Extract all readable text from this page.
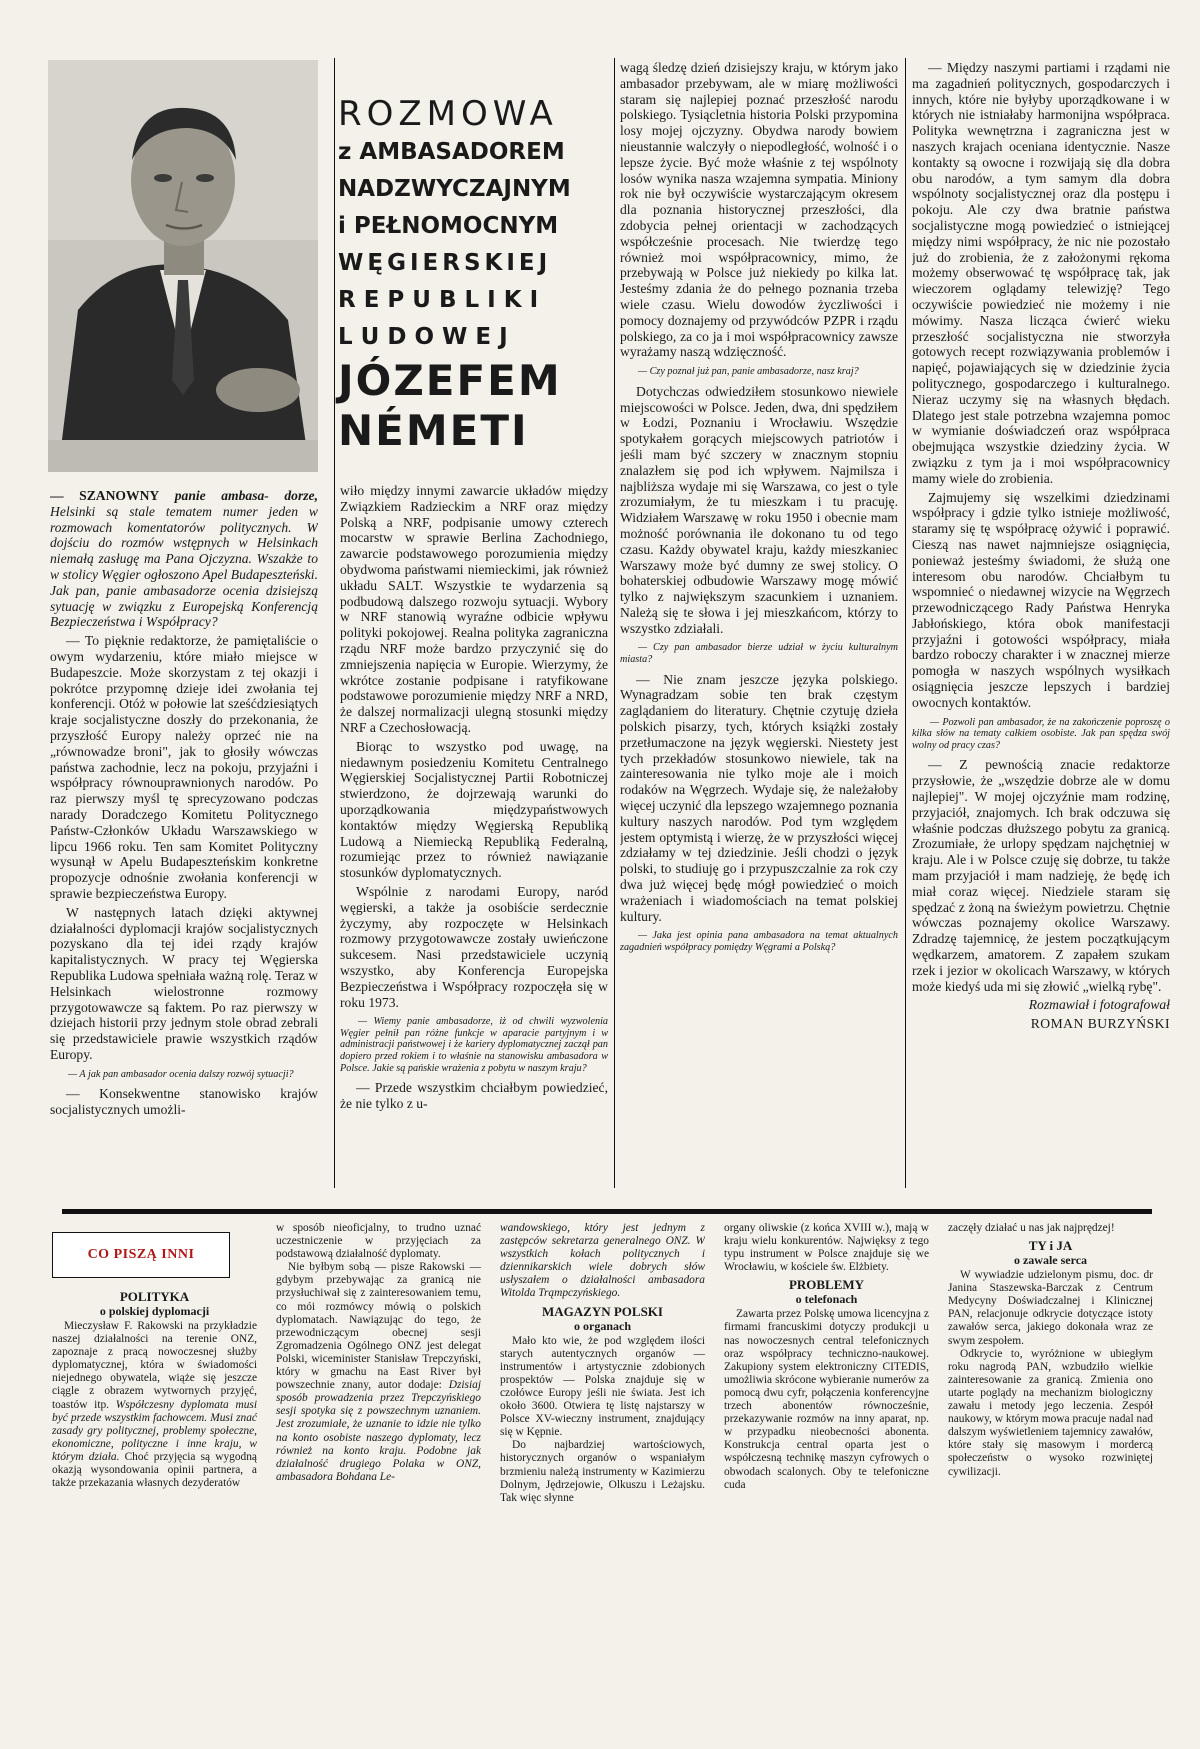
ROZMOWA
z AMBASADOREM
NADZWYCZAJNYM
i PEŁNOMOCNYM
WĘGIERSKIEJ
R E P U B L I K I
L U D O W E J
JÓZEFEM
NÉMETI

— SZANOWNY panie ambasa- dorze, Helsinki są stale tematem numer jeden w rozmowach komentatorów politycznych. W dojściu do rozmów wstępnych w Helsinkach niemałą zasługę ma Pana Ojczyzna. Wszakże to w stolicy Węgier ogłoszono Apel Budapeszteński. Jak pan, panie ambasadorze ocenia dzisiejszą sytuację w związku z Europejską Konferencją Bezpieczeństwa i Współpracy?

— To pięknie redaktorze, że pamiętaliście o owym wydarzeniu, które miało miejsce w Budapeszcie. Może skorzystam z tej okazji i pokrótce przypomnę dzieje idei zwołania tej konferencji. Otóż w połowie lat sześćdziesiątych kraje socjalistyczne doszły do przekonania, że przyszłość Europy należy oprzeć nie na „równowadze broni", jak to głosiły wówczas państwa zachodnie, lecz na pokoju, przyjaźni i współpracy równouprawnionych narodów. Po raz pierwszy myśl tę sprecyzowano podczas narady Doradczego Komitetu Politycznego Państw-Członków Układu Warszawskiego w lipcu 1966 roku. Ten sam Komitet Polityczny wysunął w Apelu Budapeszteńskim konkretne propozycje odnośnie zwołania konferencji w sprawie bezpieczeństwa Europy.

W następnych latach dzięki aktywnej działalności dyplomacji krajów socjalistycznych pozyskano dla tej idei rządy krajów kapitalistycznych. W pracy tej Węgierska Republika Ludowa spełniała ważną rolę. Teraz w Helsinkach wielostronne rozmowy przygotowawcze są faktem. Po raz pierwszy w dziejach historii przy jednym stole obrad zebrali się przedstawiciele prawie wszystkich rządów Europy.

— A jak pan ambasador ocenia dalszy rozwój sytuacji?

— Konsekwentne stanowisko krajów socjalistycznych umożli-

wiło między innymi zawarcie układów między Związkiem Radzieckim a NRF oraz między Polską a NRF, podpisanie umowy czterech mocarstw w sprawie Berlina Zachodniego, zawarcie podstawowego porozumienia między obydwoma państwami niemieckimi, jak również układu SALT. Wszystkie te wydarzenia są podbudową dalszego rozwoju sytuacji. Wybory w NRF stanowią wyraźne odbicie wpływu polityki pokojowej. Realna polityka zagraniczna rządu NRF może bardzo przyczynić się do zmniejszenia napięcia w Europie. Wierzymy, że wkrótce zostanie podpisane i ratyfikowane podstawowe porozumienie między NRF a NRD, że dalszej normalizacji ulegną stosunki między NRF a Czechosłowacją.

Biorąc to wszystko pod uwagę, na niedawnym posiedzeniu Komitetu Centralnego Węgierskiej Socjalistycznej Partii Robotniczej stwierdzono, że dojrzewają warunki do uporządkowania międzypaństwowych kontaktów między Węgierską Republiką Ludową a Niemiecką Republiką Federalną, rozumiejąc przez to również nawiązanie stosunków dyplomatycznych.

Wspólnie z narodami Europy, naród węgierski, a także ja osobiście serdecznie życzymy, aby rozpoczęte w Helsinkach rozmowy przygotowawcze zostały uwieńczone sukcesem. Nasi przedstawiciele uczynią wszystko, aby Konferencja Europejska Bezpieczeństwa i Współpracy rozpoczęła się w roku 1973.

— Wiemy panie ambasadorze, iż od chwili wyzwolenia Węgier pełnił pan różne funkcje w aparacie partyjnym i w administracji państwowej i że kariery dyplomatycznej zaczął pan dopiero przed rokiem i to właśnie na stanowisku ambasadora w Polsce. Jakie są pańskie wrażenia z pobytu w naszym kraju?

— Przede wszystkim chciałbym powiedzieć, że nie tylko z u-

wagą śledzę dzień dzisiejszy kraju, w którym jako ambasador przebywam, ale w miarę możliwości staram się najlepiej poznać przeszłość narodu polskiego. Tysiącletnia historia Polski przypomina losy mojej ojczyzny. Obydwa narody bowiem nieustannie walczyły o niepodległość, wolność i o lepsze życie. Być może właśnie z tej wspólnoty losów wynika nasza wzajemna sympatia. Miniony rok nie był oczywiście wystarczającym okresem dla poznania historycznej przeszłości, dla zdobycia pełnej orientacji w zachodzących współcześnie procesach. Nie twierdzę tego również moi współpracownicy, mimo, że przebywają w Polsce już niekiedy po kilka lat. Jesteśmy zdania że do pełnego poznania trzeba wiele czasu. Wielu dowodów życzliwości i pomocy doznajemy od przywódców PZPR i rządu polskiego, za co ja i moi współpracownicy zawsze wyrażamy naszą wdzięczność.

— Czy poznał już pan, panie ambasadorze, nasz kraj?

Dotychczas odwiedziłem stosunkowo niewiele miejscowości w Polsce. Jeden, dwa, dni spędziłem w Łodzi, Poznaniu i Wrocławiu. Wszędzie spotykałem gorących miejscowych patriotów i jeśli mam być szczery w znacznym stopniu znalazłem się pod ich wpływem. Najmilsza i najbliższa wydaje mi się Warszawa, co jest o tyle zrozumiałym, że tu mieszkam i tu pracuję. Widziałem Warszawę w roku 1950 i obecnie mam możność porównania ile dokonano tu od tego czasu. Każdy obywatel kraju, każdy mieszkaniec Warszawy może być dumny ze swej stolicy. O bohaterskiej odbudowie Warszawy mogę mówić tylko z największym szacunkiem i uznaniem. Należą się te słowa i jej mieszkańcom, którzy to wszystko zdziałali.

— Czy pan ambasador bierze udział w życiu kulturalnym miasta?

— Nie znam jeszcze języka polskiego. Wynagradzam sobie ten brak częstym zaglądaniem do literatury. Chętnie czytuję dzieła polskich pisarzy, tych, których książki zostały przetłumaczone na język węgierski. Niestety jest tych przekładów stosunkowo niewiele, tak na zainteresowania nie tylko moje ale i moich rodaków na Węgrzech. Wydaje się, że należałoby więcej uczynić dla lepszego wzajemnego poznania kultury naszych narodów. Pod tym względem jestem optymistą i wierzę, że w przyszłości więcej zdziałamy w tej dziedzinie. Jeśli chodzi o język polski, to studiuję go i przypuszczalnie za rok czy dwa już więcej będę mógł powiedzieć o moich wrażeniach i wiadomościach na temat polskiej kultury.

— Jaka jest opinia pana ambasadora na temat aktualnych zagadnień współpracy pomiędzy Węgrami a Polską?

— Między naszymi partiami i rządami nie ma zagadnień politycznych, gospodarczych i innych, które nie byłyby uporządkowane i w których nie istniałaby harmonijna współpraca. Polityka wewnętrzna i zagraniczna jest w naszych krajach oceniana identycznie. Nasze kontakty są owocne i rozwijają się dla dobra obu narodów, a tym samym dla dobra wspólnoty socjalistycznej oraz dla postępu i pokoju. Ale czy dwa bratnie państwa socjalistyczne mogą powiedzieć o istniejącej między nimi współpracy, że nic nie pozostało już do zrobienia, że z założonymi rękoma możemy obserwować tę współpracę tak, jak wieczorem oglądamy telewizję? Tego oczywiście powiedzieć nie możemy i nie mówimy. Nasza licząca ćwierć wieku przeszłość socjalistyczna nie stworzyła gotowych recept rozwiązywania problemów i napięć, pojawiających się w dziedzinie życia politycznego, gospodarczego i kulturalnego. Nieraz uczymy się na własnych błędach. Dlatego jest stale potrzebna wzajemna pomoc w wymianie doświadczeń oraz współpraca obejmująca wszystkie dziedziny życia. W związku z tym ja i moi współpracownicy mamy wiele do zrobienia.

Zajmujemy się wszelkimi dziedzinami współpracy i gdzie tylko istnieje możliwość, staramy się tę współpracę ożywić i poprawić. Cieszą nas nawet najmniejsze osiągnięcia, ponieważ jesteśmy świadomi, że służą one interesom obu narodów. Chciałbym tu wspomnieć o niedawnej wizycie na Węgrzech przewodniczącego Rady Państwa Henryka Jabłońskiego, która obok manifestacji przyjaźni i gotowości współpracy, miała bardzo roboczy charakter i w znacznej mierze pomogła w naszych wspólnych wysiłkach osiągnięcia jeszcze lepszych i bardziej owocnych kontaktów.

— Pozwoli pan ambasador, że na zakończenie poproszę o kilka słów na tematy całkiem osobiste. Jak pan spędza swój wolny od pracy czas?

— Z pewnością znacie redaktorze przysłowie, że „wszędzie dobrze ale w domu najlepiej". W mojej ojczyźnie mam rodzinę, przyjaciół, znajomych. Ich brak odczuwa się właśnie podczas dłuższego pobytu za granicą. Zrozumiałe, że urlopy spędzam najchętniej w kraju. Ale i w Polsce czuję się dobrze, tu także mam przyjaciół i mam nadzieję, że będę ich miał coraz więcej. Niedziele staram się spędzać z żoną na świeżym powietrzu. Chętnie wówczas poznajemy okolice Warszawy. Zdradzę tajemnicę, że jestem początkującym wędkarzem, amatorem. Z zapałem szukam rzek i jezior w okolicach Warszawy, w których może kiedyś uda mi się złowić „wielką rybę".

Rozmawiał i fotografował

ROMAN BURZYŃSKI

CO PISZĄ INNI

POLITYKA

o polskiej dyplomacji

Mieczysław F. Rakowski na przykładzie naszej działalności na terenie ONZ, zapoznaje z pracą nowoczesnej służby dyplomatycznej, która w świadomości niejednego obywatela, wiąże się jeszcze ciągle z obrazem wytwornych przyjęć, toastów itp. Współczesny dyplomata musi być przede wszystkim fachowcem. Musi znać zasady gry politycznej, problemy społeczne, ekonomiczne, polityczne i inne kraju, w którym działa. Choć przyjęcia są wygodną okazją wysondowania opinii partnera, a także przekazania własnych dezyderatów

w sposób nieoficjalny, to trudno uznać uczestniczenie w przyjęciach za podstawową działalność dyplomaty.

Nie byłbym sobą — pisze Rakowski — gdybym przebywając za granicą nie przysłuchiwał się z zainteresowaniem temu, co mói rozmówcy mówią o polskich dyplomatach. Nawiązując do tego, że przewodniczącym obecnej sesji Zgromadzenia Ogólnego ONZ jest delegat Polski, wiceminister Stanisław Trepczyński, który w gmachu na East River był powszechnie znany, autor dodaje: Dzisiaj sposób prowadzenia przez Trepczyńskiego sesji spotyka się z powszechnym uznaniem. Jest zrozumiałe, że uznanie to idzie nie tylko na konto osobiste naszego dyplomaty, lecz również na konto kraju. Podobne jak działalność drugiego Polaka w ONZ, ambasadora Bohdana Le-

wandowskiego, który jest jednym z zastępców sekretarza generalnego ONZ. W wszystkich kołach politycznych i dziennikarskich wiele dobrych słów usłyszałem o działalności ambasadora Witolda Trąmpczyńskiego.

MAGAZYN POLSKI

o organach

Mało kto wie, że pod względem ilości starych autentycznych organów — instrumentów i artystycznie zdobionych prospektów — Polska znajduje się w czołówce Europy jeśli nie świata. Jest ich około 3600. Otwiera tę listę najstarszy w Polsce XV-wieczny instrument, znajdujący się w Kępnie.

Do najbardziej wartościowych, historycznych organów o wspaniałym brzmieniu należą instrumenty w Kazimierzu Dolnym, Jędrzejowie, Olkuszu i Leżajsku. Tak więc słynne

organy oliwskie (z końca XVIII w.), mają w kraju wielu konkurentów. Najwięksy z tego typu instrument w Polsce znajduje się we Wrocławiu, w kościele św. Elżbiety.

PROBLEMY

o telefonach

Zawarta przez Polskę umowa licencyjna z firmami francuskimi dotyczy produkcji u nas nowoczesnych central telefonicznych oraz współpracy techniczno-naukowej. Zakupiony system elektroniczny CITEDIS, umożliwia skrócone wybieranie numerów za pomocą dwu cyfr, połączenia konferencyjne trzech abonentów równocześnie, przekazywanie rozmów na inny aparat, np. w przypadku nieobecności abonenta. Konstrukcja central oparta jest o współczesną technikę maszyn cyfrowych o obwodach scalonych. Oby te telefoniczne cuda

zaczęły działać u nas jak najprędzej!

TY i JA

o zawale serca

W wywiadzie udzielonym pismu, doc. dr Janina Staszewska-Barczak z Centrum Medycyny Doświadczalnej i Klinicznej PAN, relacjonuje odkrycie dotyczące istoty zawałów serca, jakiego dokonała wraz ze swym zespołem.

Odkrycie to, wyróżnione w ubiegłym roku nagrodą PAN, wzbudziło wielkie zainteresowanie za granicą. Zmienia ono utarte poglądy na mechanizm biologiczny zawału i metody jego leczenia. Zespół naukowy, w którym mowa pracuje nadal nad dalszym wyświetleniem tajemnicy zawałów, które stały się masowym i mordercą społeczeństw o wysoko rozwiniętej cywilizacji.
